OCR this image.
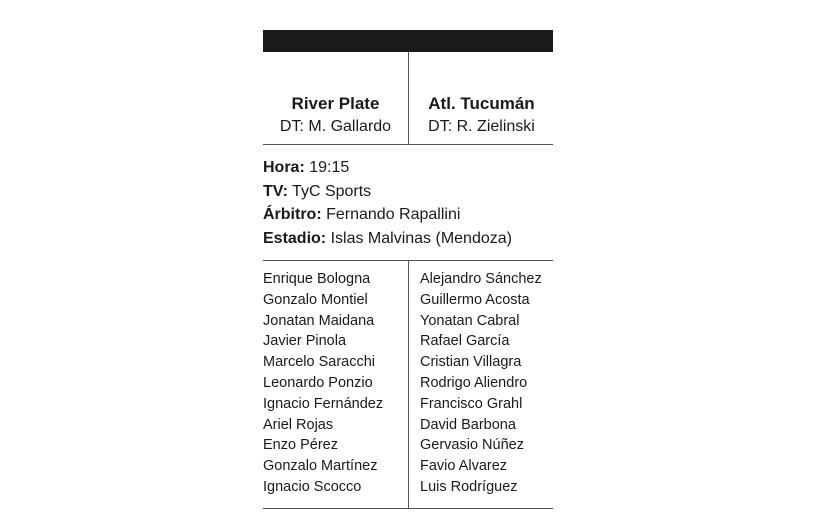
River Plate
DT: M. Gallardo
Atl. Tucumán
DT: R. Zielinski
Hora: 19:15
TV: TyC Sports
Árbitro: Fernando Rapallini
Estadio: Islas Malvinas (Mendoza)
Enrique Bologna
Gonzalo Montiel
Jonatan Maidana
Javier Pinola
Marcelo Saracchi
Leonardo Ponzio
Ignacio Fernández
Ariel Rojas
Enzo Pérez
Gonzalo Martínez
Ignacio Scocco
Alejandro Sánchez
Guillermo Acosta
Yonatan Cabral
Rafael García
Cristian Villagra
Rodrigo Aliendro
Francisco Grahl
David Barbona
Gervasio Núñez
Favio Alvarez
Luis Rodríguez
